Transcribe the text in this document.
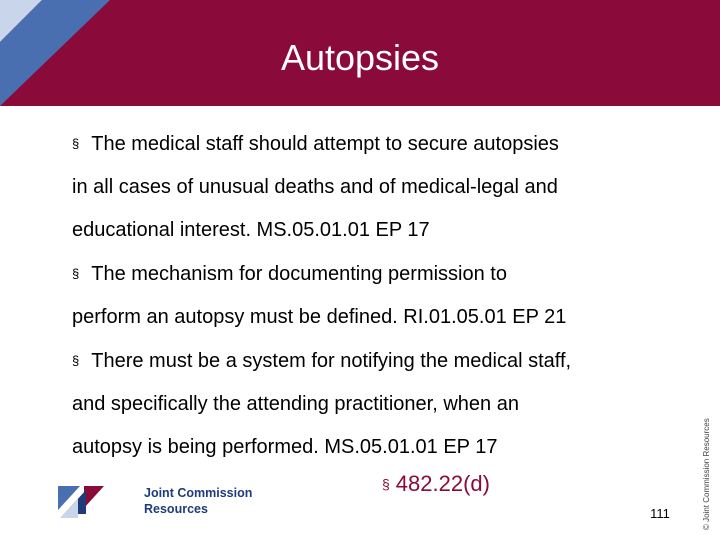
Autopsies
§ The medical staff should attempt to secure autopsies
in all cases of unusual deaths and of medical-legal and
educational interest. MS.05.01.01 EP 17
§ The mechanism for documenting permission to
perform an autopsy must be defined. RI.01.05.01 EP 21
§ There must be a system for notifying the medical staff,
and specifically the attending practitioner, when an
autopsy is being performed. MS.05.01.01 EP 17
§ 482.22(d)
Joint Commission
Resources	111	© Joint Commission Resources
